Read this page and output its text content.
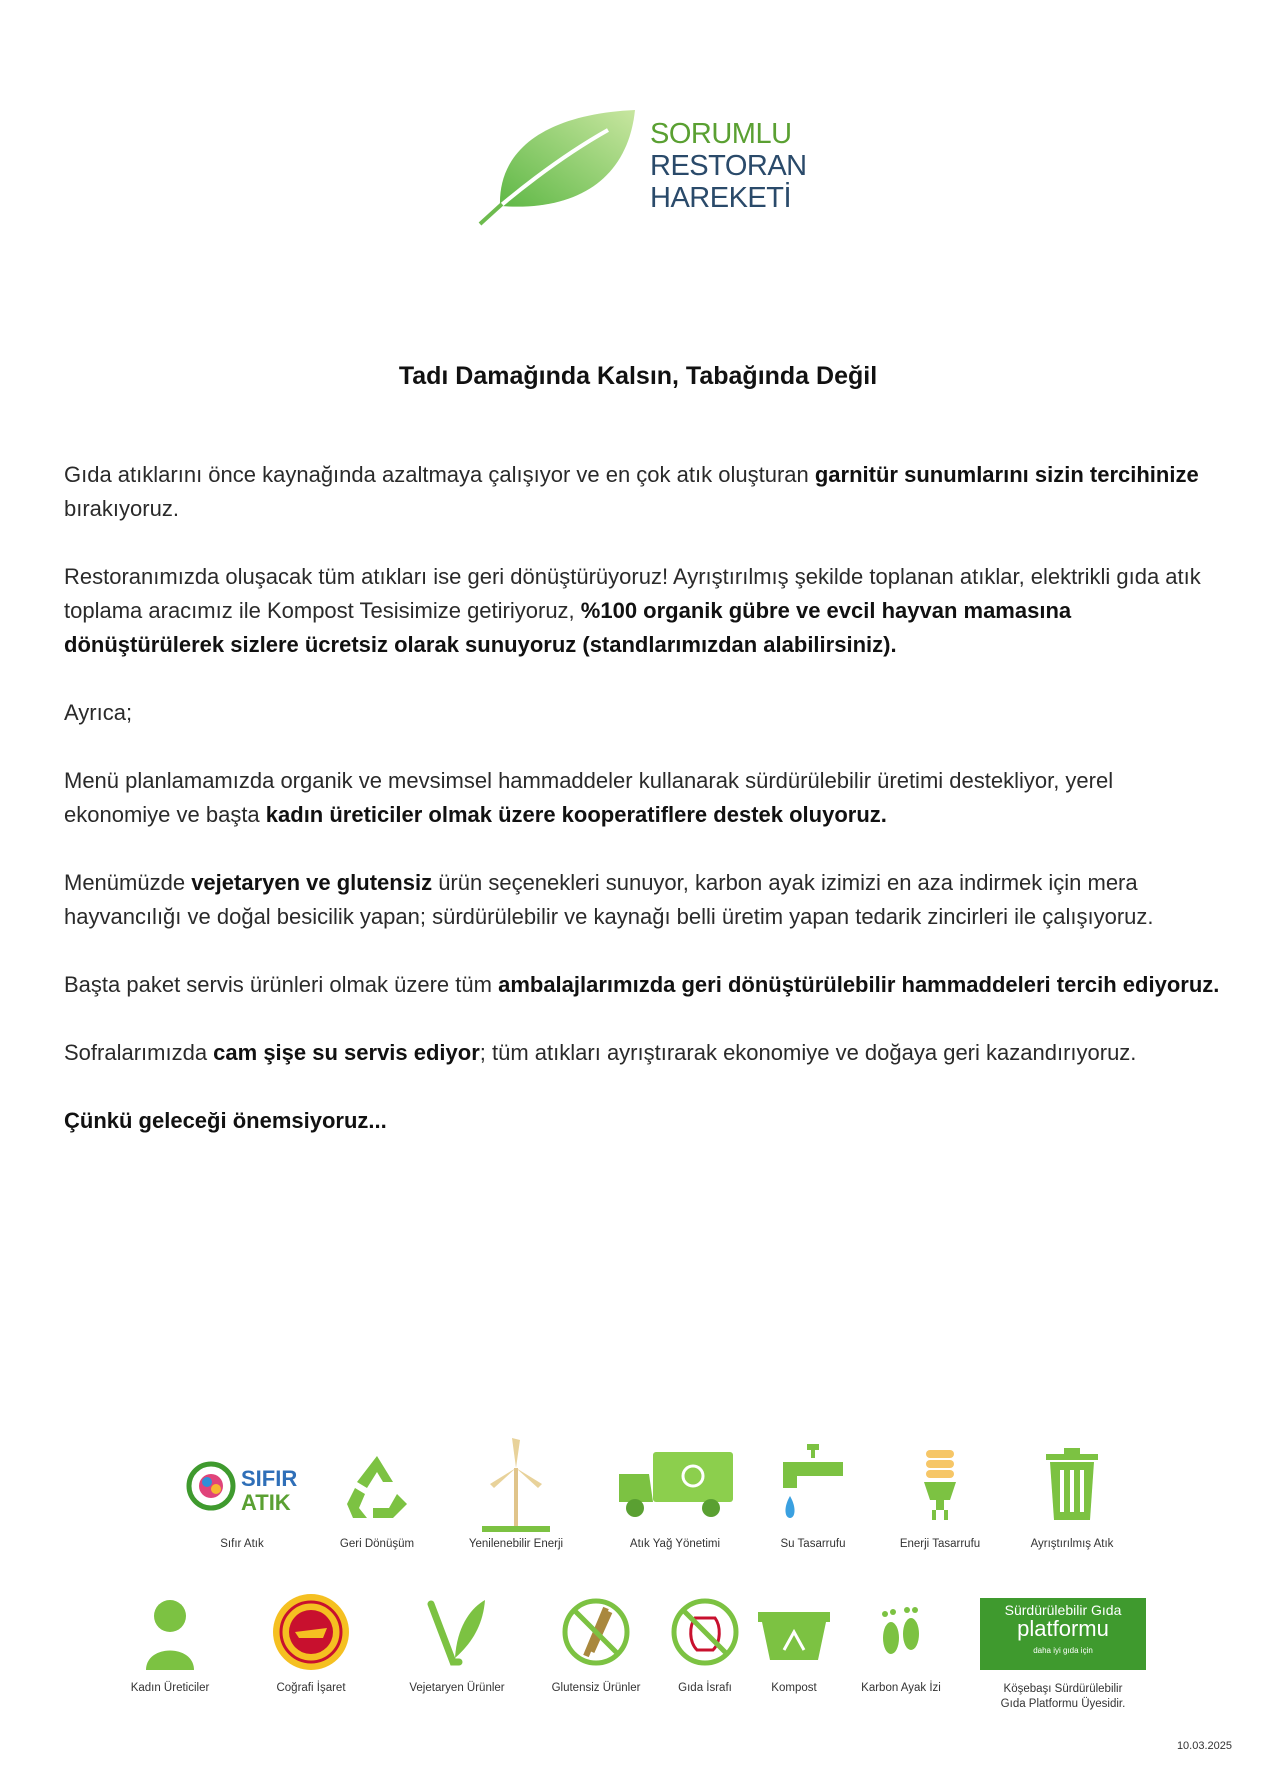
SORUMLU
RESTORAN
HAREKETİ
Tadı Damağında Kalsın, Tabağında Değil

Gıda atıklarını önce kaynağında azaltmaya çalışıyor ve en çok atık oluşturan garnitür sunumlarını sizin tercihinize bırakıyoruz.

Restoranımızda oluşacak tüm atıkları ise geri dönüştürüyoruz! Ayrıştırılmış şekilde toplanan atıklar, elektrikli gıda atık toplama aracımız ile Kompost Tesisimize getiriyoruz, %100 organik gübre ve evcil hayvan mamasına dönüştürülerek sizlere ücretsiz olarak sunuyoruz (standlarımızdan alabilirsiniz).

Ayrıca;

Menü planlamamızda organik ve mevsimsel hammaddeler kullanarak sürdürülebilir üretimi destekliyor, yerel ekonomiye ve başta kadın üreticiler olmak üzere kooperatiflere destek oluyoruz.

Menümüzde vejetaryen ve glutensiz ürün seçenekleri sunuyor, karbon ayak izimizi en aza indirmek için mera hayvancılığı ve doğal besicilik yapan; sürdürülebilir ve kaynağı belli üretim yapan tedarik zincirleri ile çalışıyoruz.

Başta paket servis ürünleri olmak üzere tüm ambalajlarımızda geri dönüştürülebilir hammaddeleri tercih ediyoruz.

Sofralarımızda cam şişe su servis ediyor; tüm atıkları ayrıştırarak ekonomiye ve doğaya geri kazandırıyoruz.

Çünkü geleceği önemsiyoruz...

SIFIR
ATIK
Sıfır Atık	Geri Dönüşüm	Yenilenebilir Enerji	Atık Yağ Yönetimi	Su Tasarrufu	Enerji Tasarrufu	Ayrıştırılmış Atık
Kadın Üreticiler	Coğrafi İşaret	Vejetaryen Ürünler	Glutensiz Ürünler	Gıda İsrafı	Kompost	Karbon Ayak İzi
Sürdürülebilir Gıda
platformu
daha iyi gıda için
Köşebaşı Sürdürülebilir
Gıda Platformu Üyesidir.
10.03.2025
